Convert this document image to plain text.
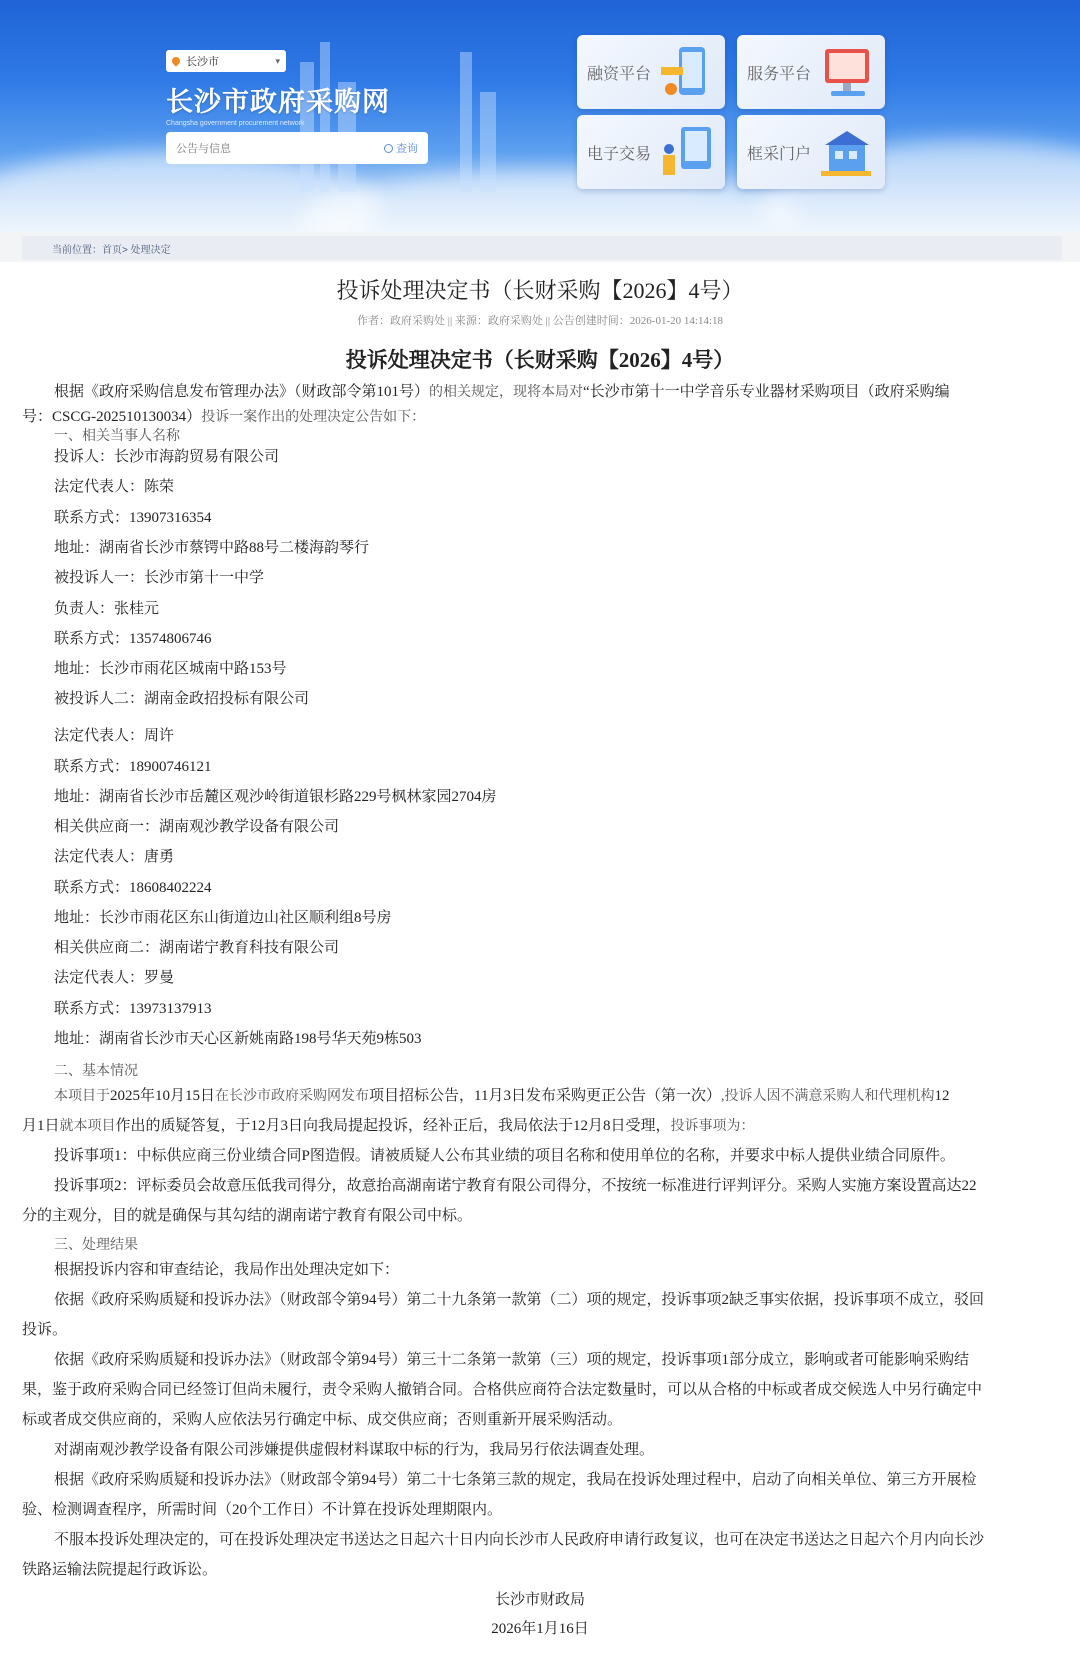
长沙市	▾
长沙市政府采购网
Changsha government procurement network
公告与信息	查询
融资平台	服务平台
电子交易	框采门户
当前位置：首页> 处理决定
投诉处理决定书（长财采购【2026】4号）
作者：政府采购处 || 来源：政府采购处 || 公告创建时间：2026-01-20 14:14:18
投诉处理决定书（长财采购【2026】4号）

根据《政府采购信息发布管理办法》（财政部令第101号）的相关规定，现将本局对“长沙市第十一中学音乐专业器材采购项目（政府采购编

号：CSCG-202510130034）投诉一案作出的处理决定公告如下：

一、相关当事人名称

投诉人：长沙市海韵贸易有限公司

法定代表人：陈荣

联系方式：13907316354

地址：湖南省长沙市蔡锷中路88号二楼海韵琴行

被投诉人一：长沙市第十一中学

负责人：张桂元

联系方式：13574806746

地址：长沙市雨花区城南中路153号

被投诉人二：湖南金政招投标有限公司

法定代表人：周许

联系方式：18900746121

地址：湖南省长沙市岳麓区观沙岭街道银杉路229号枫林家园2704房

相关供应商一：湖南观沙教学设备有限公司

法定代表人：唐勇

联系方式：18608402224

地址：长沙市雨花区东山街道边山社区顺利组8号房

相关供应商二：湖南诺宁教育科技有限公司

法定代表人：罗曼

联系方式：13973137913

地址：湖南省长沙市天心区新姚南路198号华天苑9栋503

二、基本情况

本项目于2025年10月15日在长沙市政府采购网发布项目招标公告，11月3日发布采购更正公告（第一次）,投诉人因不满意采购人和代理机构12

月1日就本项目作出的质疑答复，于12月3日向我局提起投诉，经补正后，我局依法于12月8日受理，投诉事项为：

投诉事项1：中标供应商三份业绩合同P图造假。请被质疑人公布其业绩的项目名称和使用单位的名称，并要求中标人提供业绩合同原件。

投诉事项2：评标委员会故意压低我司得分，故意抬高湖南诺宁教育有限公司得分，不按统一标准进行评判评分。采购人实施方案设置高达22

分的主观分，目的就是确保与其勾结的湖南诺宁教育有限公司中标。

三、处理结果

根据投诉内容和审查结论，我局作出处理决定如下：

依据《政府采购质疑和投诉办法》（财政部令第94号）第二十九条第一款第（二）项的规定，投诉事项2缺乏事实依据，投诉事项不成立，驳回

投诉。

依据《政府采购质疑和投诉办法》（财政部令第94号）第三十二条第一款第（三）项的规定，投诉事项1部分成立，影响或者可能影响采购结

果，鉴于政府采购合同已经签订但尚未履行，责令采购人撤销合同。合格供应商符合法定数量时，可以从合格的中标或者成交候选人中另行确定中

标或者成交供应商的，采购人应依法另行确定中标、成交供应商；否则重新开展采购活动。

对湖南观沙教学设备有限公司涉嫌提供虚假材料谋取中标的行为，我局另行依法调查处理。

根据《政府采购质疑和投诉办法》（财政部令第94号）第二十七条第三款的规定，我局在投诉处理过程中，启动了向相关单位、第三方开展检

验、检测调查程序，所需时间（20个工作日）不计算在投诉处理期限内。

不服本投诉处理决定的，可在投诉处理决定书送达之日起六十日内向长沙市人民政府申请行政复议，也可在决定书送达之日起六个月内向长沙

铁路运输法院提起行政诉讼。

长沙市财政局

2026年1月16日
